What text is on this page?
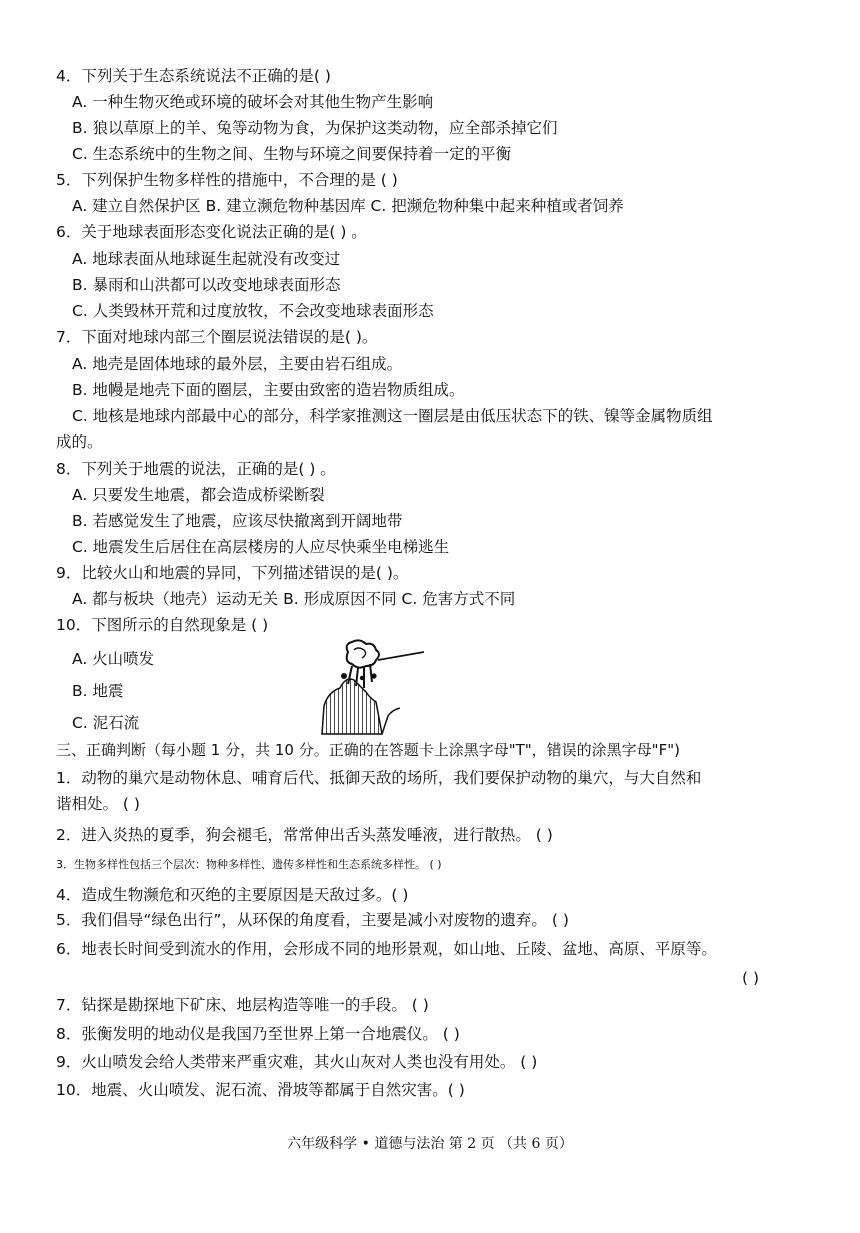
4．下列关于生态系统说法不正确的是( )
A. 一种生物灭绝或环境的破坏会对其他生物产生影响
B. 狼以草原上的羊、兔等动物为食，为保护这类动物，应全部杀掉它们
C. 生态系统中的生物之间、生物与环境之间要保持着一定的平衡
5．下列保护生物多样性的措施中，不合理的是 ( )
A. 建立自然保护区 B. 建立濒危物种基因库 C. 把濒危物种集中起来种植或者饲养
6．关于地球表面形态变化说法正确的是( ) 。
A. 地球表面从地球诞生起就没有改变过
B. 暴雨和山洪都可以改变地球表面形态
C. 人类毁林开荒和过度放牧，不会改变地球表面形态
7．下面对地球内部三个圈层说法错误的是( )。
A. 地壳是固体地球的最外层，主要由岩石组成。
B. 地幔是地壳下面的圈层，主要由致密的造岩物质组成。
C. 地核是地球内部最中心的部分，科学家推测这一圈层是由低压状态下的铁、镍等金属物质组
成的。
8．下列关于地震的说法，正确的是( ) 。
A. 只要发生地震，都会造成桥梁断裂
B. 若感觉发生了地震，应该尽快撤离到开阔地带
C. 地震发生后居住在高层楼房的人应尽快乘坐电梯逃生
9．比较火山和地震的异同，下列描述错误的是( )。
A. 都与板块（地壳）运动无关 B. 形成原因不同 C. 危害方式不同
10．下图所示的自然现象是 ( )
A. 火山喷发
B. 地震
C. 泥石流
三、正确判断（每小题 1 分，共 10 分。正确的在答题卡上涂黑字母"T"，错误的涂黑字母"F")
1．动物的巢穴是动物休息、哺育后代、抵御天敌的场所，我们要保护动物的巢穴，与大自然和
谐相处。 ( )
2．进入炎热的夏季，狗会褪毛，常常伸出舌头蒸发唾液，进行散热。 ( )
3．生物多样性包括三个层次：物种多样性、遗传多样性和生态系统多样性。 ( )
4．造成生物濒危和灭绝的主要原因是天敌过多。( )
5．我们倡导“绿色出行”，从环保的角度看，主要是减小对废物的遗弃。 ( )
6．地表长时间受到流水的作用，会形成不同的地形景观，如山地、丘陵、盆地、高原、平原等。
( )
7．钻探是勘探地下矿床、地层构造等唯一的手段。 ( )
8．张衡发明的地动仪是我国乃至世界上第一合地震仪。 ( )
9．火山喷发会给人类带来严重灾难，其火山灰对人类也没有用处。 ( )
10．地震、火山喷发、泥石流、滑坡等都属于自然灾害。( )
六年级科学 • 道德与法治 第 2 页 （共 6 页）
